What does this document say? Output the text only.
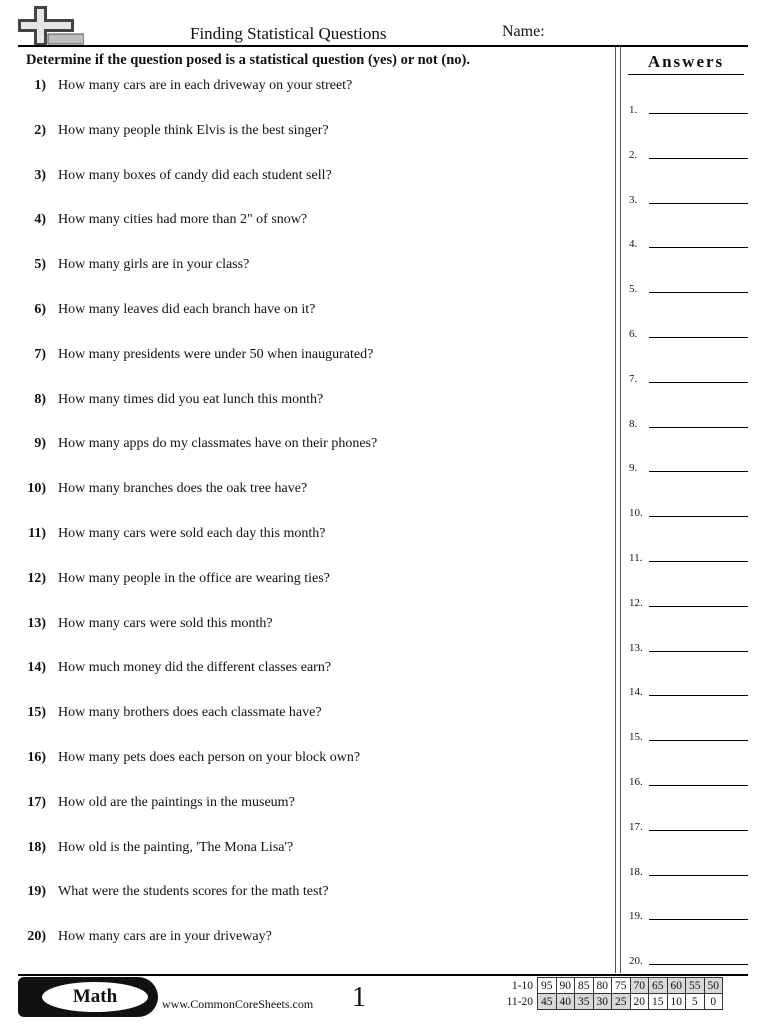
Finding Statistical Questions	Name:
Determine if the question posed is a statistical question (yes) or not (no).	Answers
1) How many cars are in each driveway on your street?
2) How many people think Elvis is the best singer?
3) How many boxes of candy did each student sell?
4) How many cities had more than 2" of snow?
5) How many girls are in your class?
6) How many leaves did each branch have on it?
7) How many presidents were under 50 when inaugurated?
8) How many times did you eat lunch this month?
9) How many apps do my classmates have on their phones?
10) How many branches does the oak tree have?
11) How many cars were sold each day this month?
12) How many people in the office are wearing ties?
13) How many cars were sold this month?
14) How much money did the different classes earn?
15) How many brothers does each classmate have?
16) How many pets does each person on your block own?
17) How old are the paintings in the museum?
18) How old is the painting, 'The Mona Lisa'?
19) What were the students scores for the math test?
20) How many cars are in your driveway?
1.
2.
3.
4.
5.
6.
7.
8.
9.
10.
11.
12.
13.
14.
15.
16.
17.
18.
19.
20.
Math	www.CommonCoreSheets.com 1	1-10	95	90	85	80	75	70	65	60	55	50
11-20	45	40	35	30	25	20	15	10	5	0
